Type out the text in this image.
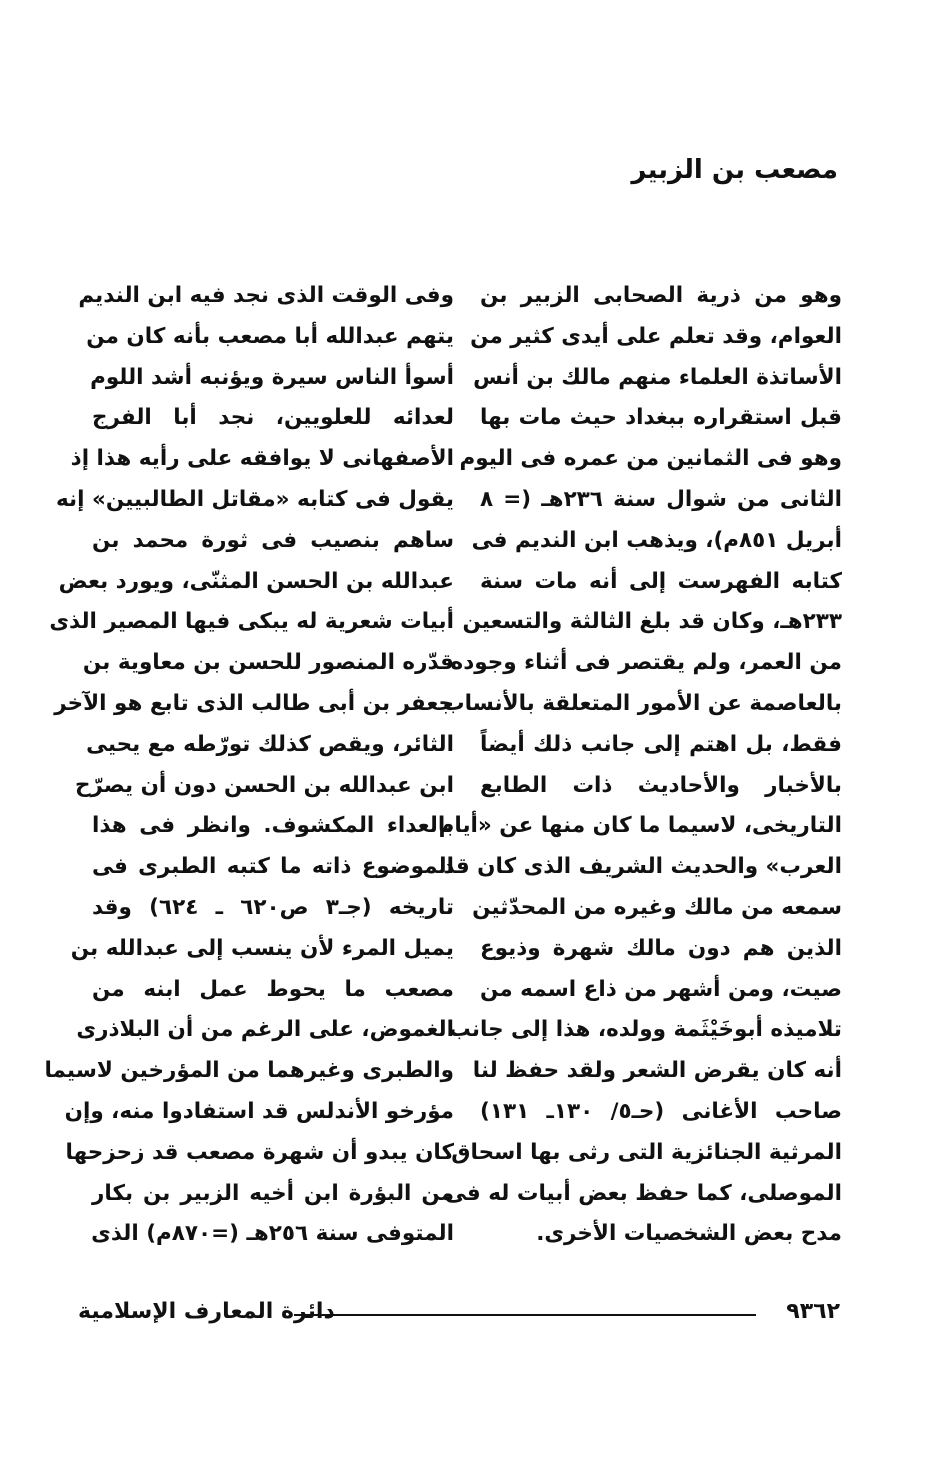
مصعب بن الزبير
وهو من ذرية الصحابى الزبير بن
العوام، وقد تعلم على أيدى كثير من
الأساتذة العلماء منهم مالك بن أنس
قبل استقراره ببغداد حيث مات بها
وهو فى الثمانين من عمره فى اليوم
الثانى من شوال سنة ٢٣٦هـ (= ٨
أبريل ٨٥١م)، ويذهب ابن النديم فى
كتابه الفهرست إلى أنه مات سنة
٢٣٣هـ، وكان قد بلغ الثالثة والتسعين
من العمر، ولم يقتصر فى أثناء وجوده
بالعاصمة عن الأمور المتعلقة بالأنساب
فقط، بل اهتم إلى جانب ذلك أيضاً
بالأخبار والأحاديث ذات الطابع
التاريخى، لاسيما ما كان منها عن «أيام
العرب» والحديث الشريف الذى كان قد
سمعه من مالك وغيره من المحدّثين
الذين هم دون مالك شهرة وذيوع
صيت، ومن أشهر من ذاع اسمه من
تلاميذه أبوخَيْثَمة وولده، هذا إلى جانب
أنه كان يقرض الشعر ولقد حفظ لنا
صاحب الأغانى (حـ٥/ ١٣٠ـ ١٣١)
المرثية الجنائزية التى رثى بها اسحاق
الموصلى، كما حفظ بعض أبيات له فى
مدح بعض الشخصيات الأخرى.
وفى الوقت الذى نجد فيه ابن النديم
يتهم عبدالله أبا مصعب بأنه كان من
أسوأ الناس سيرة ويؤنبه أشد اللوم
لعدائه للعلويين، نجد أبا الفرج
الأصفهانى لا يوافقه على رأيه هذا إذ
يقول فى كتابه «مقاتل الطالبيين» إنه
ساهم بنصيب فى ثورة محمد بن
عبدالله بن الحسن المثنّى، ويورد بعض
أبيات شعرية له يبكى فيها المصير الذى
قدّره المنصور للحسن بن معاوية بن
جعفر بن أبى طالب الذى تابع هو الآخر
الثائر، ويقص كذلك تورّطه مع يحيى
ابن عبدالله بن الحسن دون أن يصرّح
بالعداء المكشوف. وانظر فى هذا
الموضوع ذاته ما كتبه الطبرى فى
تاريخه (جـ٣ ص٦٢٠ ـ ٦٢٤) وقد
يميل المرء لأن ينسب إلى عبدالله بن
مصعب ما يحوط عمل ابنه من
الغموض، على الرغم من أن البلاذرى
والطبرى وغيرهما من المؤرخين لاسيما
مؤرخو الأندلس قد استفادوا منه، وإن
كان يبدو أن شهرة مصعب قد زحزحها
من البؤرة ابن أخيه الزبير بن بكار
المتوفى سنة ٢٥٦هـ (=٨٧٠م) الذى
٩٣٦٢
دائرة المعارف الإسلامية
